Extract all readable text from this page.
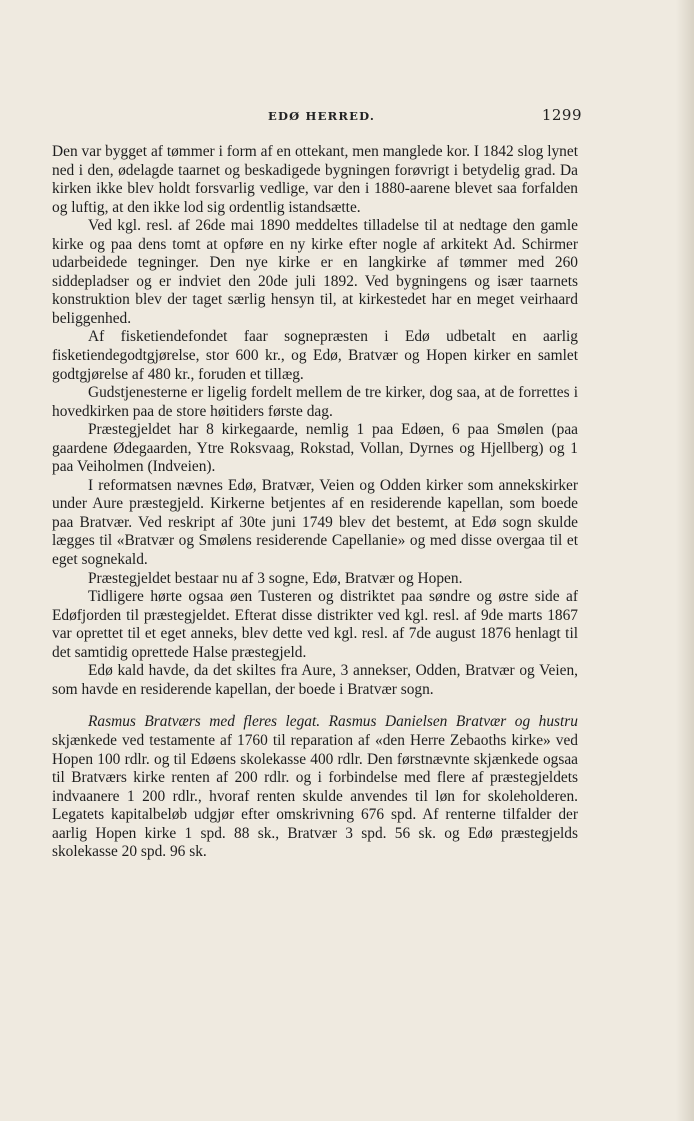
EDØ HERRED.	1299

Den var bygget af tømmer i form af en ottekant, men manglede kor. I 1842 slog lynet ned i den, ødelagde taarnet og beskadigede bygningen forøvrigt i betydelig grad. Da kirken ikke blev holdt forsvarlig vedlige, var den i 1880-aarene blevet saa forfalden og luftig, at den ikke lod sig ordentlig istandsætte.

Ved kgl. resl. af 26de mai 1890 meddeltes tilladelse til at nedtage den gamle kirke og paa dens tomt at opføre en ny kirke efter nogle af arkitekt Ad. Schirmer udarbeidede tegninger. Den nye kirke er en langkirke af tømmer med 260 siddepladser og er indviet den 20de juli 1892. Ved bygningens og især taarnets konstruktion blev der taget særlig hensyn til, at kirkestedet har en meget veirhaard beliggenhed.

Af fisketiendefondet faar sognepræsten i Edø udbetalt en aarlig fisketiendegodtgjørelse, stor 600 kr., og Edø, Bratvær og Hopen kirker en samlet godtgjørelse af 480 kr., foruden et tillæg.

Gudstjenesterne er ligelig fordelt mellem de tre kirker, dog saa, at de forrettes i hovedkirken paa de store høitiders første dag.

Præstegjeldet har 8 kirkegaarde, nemlig 1 paa Edøen, 6 paa Smølen (paa gaardene Ødegaarden, Ytre Roksvaag, Rokstad, Vollan, Dyrnes og Hjellberg) og 1 paa Veiholmen (Indveien).

I reformatsen nævnes Edø, Bratvær, Veien og Odden kirker som annekskirker under Aure præstegjeld. Kirkerne betjentes af en residerende kapellan, som boede paa Bratvær. Ved reskript af 30te juni 1749 blev det bestemt, at Edø sogn skulde lægges til «Bratvær og Smølens residerende Capellanie» og med disse overgaa til et eget sognekald.

Præstegjeldet bestaar nu af 3 sogne, Edø, Bratvær og Hopen.

Tidligere hørte ogsaa øen Tusteren og distriktet paa søndre og østre side af Edøfjorden til præstegjeldet. Efterat disse distrikter ved kgl. resl. af 9de marts 1867 var oprettet til et eget anneks, blev dette ved kgl. resl. af 7de august 1876 henlagt til det samtidig oprettede Halse præstegjeld.

Edø kald havde, da det skiltes fra Aure, 3 annekser, Odden, Bratvær og Veien, som havde en residerende kapellan, der boede i Bratvær sogn.

Rasmus Bratværs med fleres legat. Rasmus Danielsen Bratvær og hustru skjænkede ved testamente af 1760 til reparation af «den Herre Zebaoths kirke» ved Hopen 100 rdlr. og til Edøens skolekasse 400 rdlr. Den førstnævnte skjænkede ogsaa til Bratværs kirke renten af 200 rdlr. og i forbindelse med flere af præstegjeldets indvaanere 1 200 rdlr., hvoraf renten skulde anvendes til løn for skoleholderen. Legatets kapitalbeløb udgjør efter omskrivning 676 spd. Af renterne tilfalder der aarlig Hopen kirke 1 spd. 88 sk., Bratvær 3 spd. 56 sk. og Edø præstegjelds skolekasse 20 spd. 96 sk.
